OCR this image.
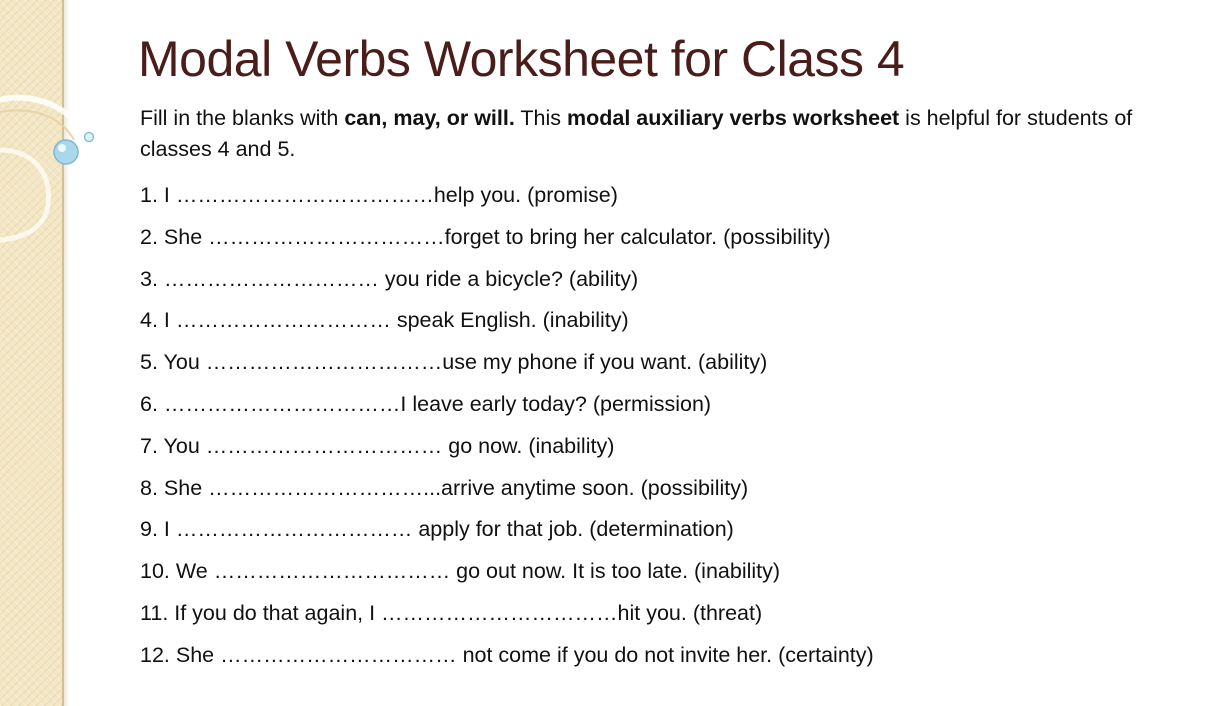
Modal Verbs Worksheet for Class 4

Fill in the blanks with can, may, or will. This modal auxiliary verbs worksheet is helpful for students of classes 4 and 5.

1. I ………………………………help you. (promise)
2. She ……………………………forget to bring her calculator. (possibility)
3. ………………………… you ride a bicycle? (ability)
4. I ………………………… speak English. (inability)
5. You ……………………………use my phone if you want. (ability)
6. ……………………………I leave early today? (permission)
7. You …………………………… go now. (inability)
8. She …………………………...arrive anytime soon. (possibility)
9. I …………………………… apply for that job. (determination)
10. We …………………………… go out now. It is too late. (inability)
11. If you do that again, I ……………………………hit you. (threat)
12. She …………………………… not come if you do not invite her. (certainty)
